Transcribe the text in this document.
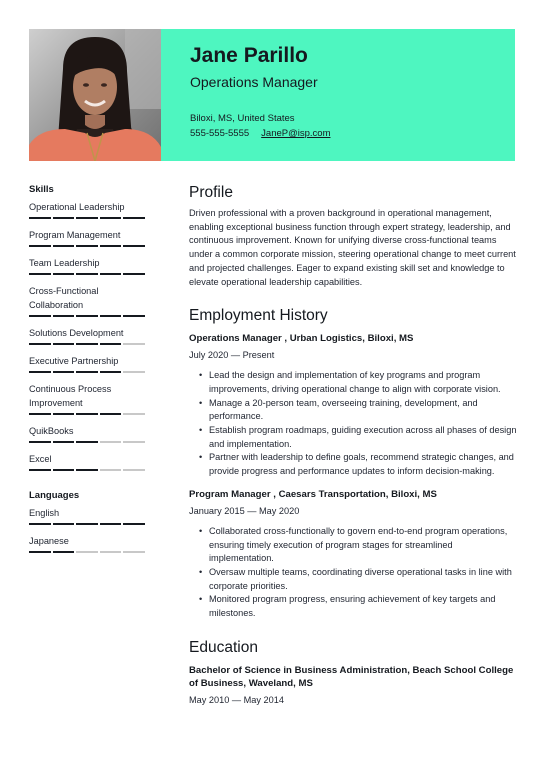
Jane Parillo
Operations Manager
Biloxi, MS, United States
555-555-5555 JaneP@isp.com
Skills
Operational Leadership
Program Management
Team Leadership
Cross-Functional Collaboration
Solutions Development
Executive Partnership
Continuous Process Improvement
QuikBooks
Excel
Languages
English
Japanese
Profile
Driven professional with a proven background in operational management, enabling exceptional business function through expert strategy, leadership, and continuous improvement. Known for unifying diverse cross-functional teams under a common corporate mission, steering operational change to meet current and projected challenges. Eager to expand existing skill set and knowledge to elevate operational leadership capabilities.
Employment History
Operations Manager , Urban Logistics, Biloxi, MS
July 2020 — Present
• Lead the design and implementation of key programs and program improvements, driving operational change to align with corporate vision.
• Manage a 20-person team, overseeing training, development, and performance.
• Establish program roadmaps, guiding execution across all phases of design and implementation.
• Partner with leadership to define goals, recommend strategic changes, and provide progress and performance updates to inform decision-making.
Program Manager , Caesars Transportation, Biloxi, MS
January 2015 — May 2020
• Collaborated cross-functionally to govern end-to-end program operations, ensuring timely execution of program stages for streamlined implementation.
• Oversaw multiple teams, coordinating diverse operational tasks in line with corporate priorities.
• Monitored program progress, ensuring achievement of key targets and milestones.
Education
Bachelor of Science in Business Administration, Beach School College of Business, Waveland, MS
May 2010 — May 2014
